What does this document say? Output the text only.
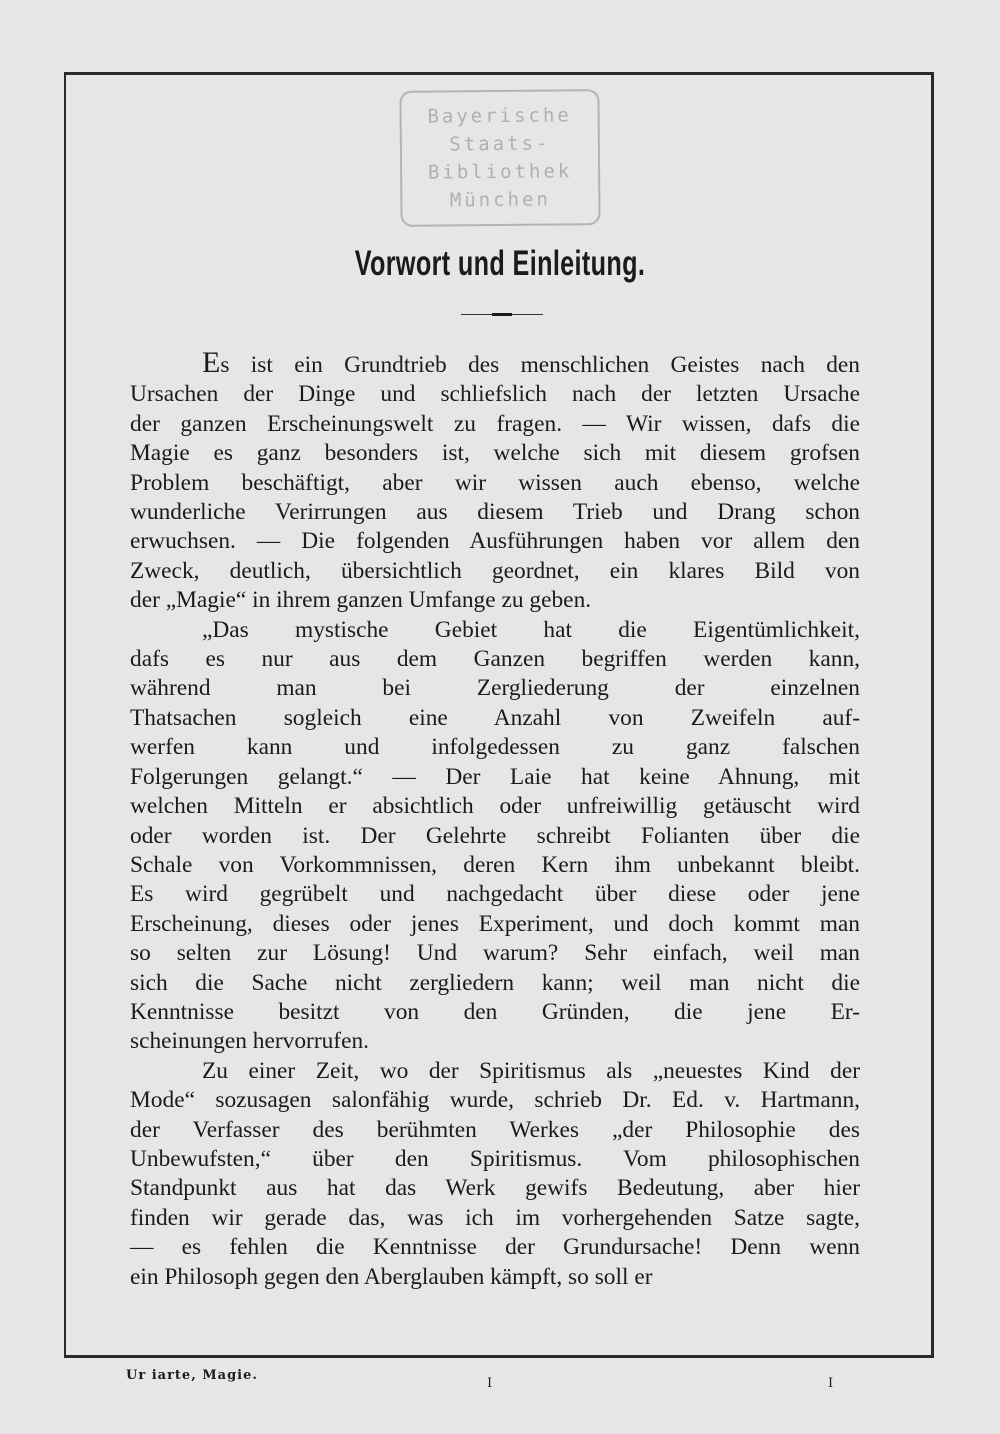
Bayerische
Staats-
Bibliothek
München
Vorwort und Einleitung.
Es ist ein Grundtrieb des menschlichen Geistes nach den
Ursachen der Dinge und schliefslich nach der letzten Ursache
der ganzen Erscheinungswelt zu fragen. — Wir wissen, dafs die
Magie es ganz besonders ist, welche sich mit diesem grofsen
Problem beschäftigt, aber wir wissen auch ebenso, welche
wunderliche Verirrungen aus diesem Trieb und Drang schon
erwuchsen. — Die folgenden Ausführungen haben vor allem den
Zweck, deutlich, übersichtlich geordnet, ein klares Bild von
der „Magie“ in ihrem ganzen Umfange zu geben.
„Das mystische Gebiet hat die Eigentümlichkeit,
dafs es nur aus dem Ganzen begriffen werden kann,
während man bei Zergliederung der einzelnen
Thatsachen sogleich eine Anzahl von Zweifeln auf-
werfen kann und infolgedessen zu ganz falschen
Folgerungen gelangt.“ — Der Laie hat keine Ahnung, mit
welchen Mitteln er absichtlich oder unfreiwillig getäuscht wird
oder worden ist. Der Gelehrte schreibt Folianten über die
Schale von Vorkommnissen, deren Kern ihm unbekannt bleibt.
Es wird gegrübelt und nachgedacht über diese oder jene
Erscheinung, dieses oder jenes Experiment, und doch kommt man
so selten zur Lösung! Und warum? Sehr einfach, weil man
sich die Sache nicht zergliedern kann; weil man nicht die
Kenntnisse besitzt von den Gründen, die jene Er-
scheinungen hervorrufen.
Zu einer Zeit, wo der Spiritismus als „neuestes Kind der
Mode“ sozusagen salonfähig wurde, schrieb Dr. Ed. v. Hartmann,
der Verfasser des berühmten Werkes „der Philosophie des
Unbewufsten,“ über den Spiritismus. Vom philosophischen
Standpunkt aus hat das Werk gewifs Bedeutung, aber hier
finden wir gerade das, was ich im vorhergehenden Satze sagte,
— es fehlen die Kenntnisse der Grundursache! Denn wenn
ein Philosoph gegen den Aberglauben kämpft, so soll er
Ur iarte, Magie.
I	I
